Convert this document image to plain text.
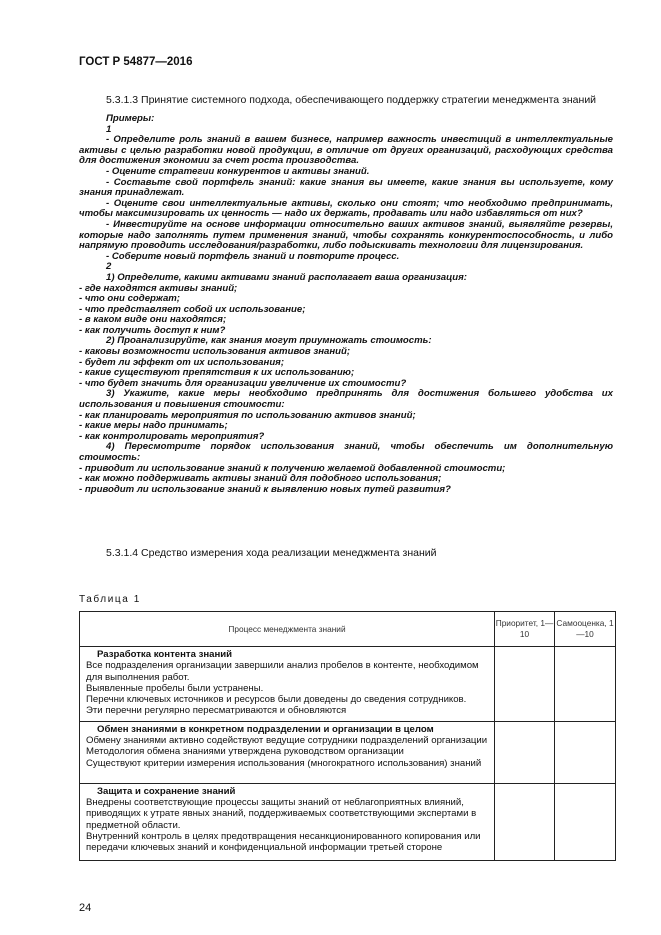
ГОСТ Р 54877—2016
5.3.1.3 Принятие системного подхода, обеспечивающего поддержку стратегии менеджмента знаний

Примеры:

1

- Определите роль знаний в вашем бизнесе, например важность инвестиций в интеллектуальные активы с целью разработки новой продукции, в отличие от других организаций, расходующих средства для достижения экономии за счет роста производства.

- Оцените стратегии конкурентов и активы знаний.

- Составьте свой портфель знаний: какие знания вы имеете, какие знания вы используете, кому знания принадлежат.

- Оцените свои интеллектуальные активы, сколько они стоят; что необходимо предпринимать, чтобы максимизировать их ценность — надо их держать, продавать или надо избавляться от них?

- Инвестируйте на основе информации относительно ваших активов знаний, выявляйте резервы, которые надо заполнять путем применения знаний, чтобы сохранять конкурентоспособность, и либо напрямую проводить исследования/разработки, либо подыскивать технологии для лицензирования.

- Соберите новый портфель знаний и повторите процесс.

2

1) Определите, какими активами знаний располагает ваша организация:

- где находятся активы знаний;

- что они содержат;

- что представляет собой их использование;

- в каком виде они находятся;

- как получить доступ к ним?

2) Проанализируйте, как знания могут приумножать стоимость:

- каковы возможности использования активов знаний;

- будет ли эффект от их использования;

- какие существуют препятствия к их использованию;

- что будет значить для организации увеличение их стоимости?

3) Укажите, какие меры необходимо предпринять для достижения большего удобства их использования и повышения стоимости:

- как планировать мероприятия по использованию активов знаний;

- какие меры надо принимать;

- как контролировать мероприятия?

4) Пересмотрите порядок использования знаний, чтобы обеспечить им дополнительную стоимость:

- приводит ли использование знаний к получению желаемой добавленной стоимости;

- как можно поддерживать активы знаний для подобного использования;

- приводит ли использование знаний к выявлению новых путей развития?

5.3.1.4 Средство измерения хода реализации менеджмента знаний
Таблица 1
Процесс менеджмента знаний	Приоритет, 1—10	Самооценка, 1—10

Разработка контента знаний
Все подразделения организации завершили анализ пробелов в контенте, необходимом для выполнения работ.
Выявленные пробелы были устранены.
Перечни ключевых источников и ресурсов были доведены до сведения сотрудников.
Эти перечни регулярно пересматриваются и обновляются		

Обмен знаниями в конкретном подразделении и организации в целом
Обмену знаниями активно содействуют ведущие сотрудники подразделений организации
Методология обмена знаниями утверждена руководством организации
Существуют критерии измерения использования (многократного использования) знаний		

Защита и сохранение знаний
Внедрены соответствующие процессы защиты знаний от неблагоприятных влияний, приводящих к утрате явных знаний, поддерживаемых соответствующими экспертами в предметной области.
Внутренний контроль в целях предотвращения несанкционированного копирования или передачи ключевых знаний и конфиденциальной информации третьей стороне		

24
